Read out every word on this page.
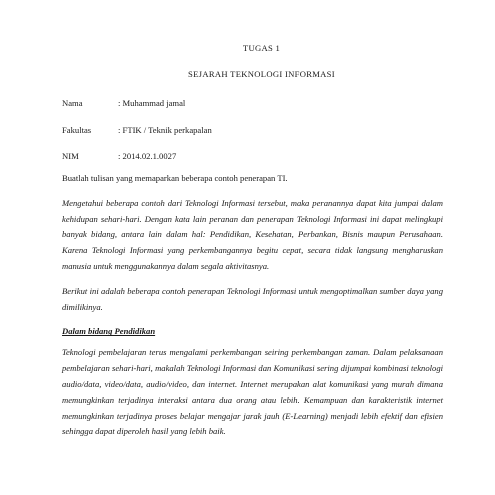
TUGAS 1
SEJARAH TEKNOLOGI INFORMASI
Nama	: Muhammad jamal
Fakultas	: FTIK / Teknik perkapalan
NIM	: 2014.02.1.0027

Buatlah tulisan yang memaparkan beberapa contoh penerapan TI.

Mengetahui beberapa contoh dari Teknologi Informasi tersebut, maka peranannya dapat kita jumpai dalam kehidupan sehari-hari. Dengan kata lain peranan dan penerapan Teknologi Informasi ini dapat melingkupi banyak bidang, antara lain dalam hal: Pendidikan, Kesehatan, Perbankan, Bisnis maupun Perusahaan. Karena Teknologi Informasi yang perkembangannya begitu cepat, secara tidak langsung mengharuskan manusia untuk menggunakannya dalam segala aktivitasnya.

Berikut ini adalah beberapa contoh penerapan Teknologi Informasi untuk mengoptimalkan sumber daya yang dimilikinya.

Dalam bidang Pendidikan

Teknologi pembelajaran terus mengalami perkembangan seiring perkembangan zaman. Dalam pelaksanaan pembelajaran sehari-hari, makalah Teknologi Informasi dan Komunikasi sering dijumpai kombinasi teknologi audio/data, video/data, audio/video, dan internet. Internet merupakan alat komunikasi yang murah dimana memungkinkan terjadinya interaksi antara dua orang atau lebih. Kemampuan dan karakteristik internet memungkinkan terjadinya proses belajar mengajar jarak jauh (E-Learning) menjadi lebih efektif dan efisien sehingga dapat diperoleh hasil yang lebih baik.
